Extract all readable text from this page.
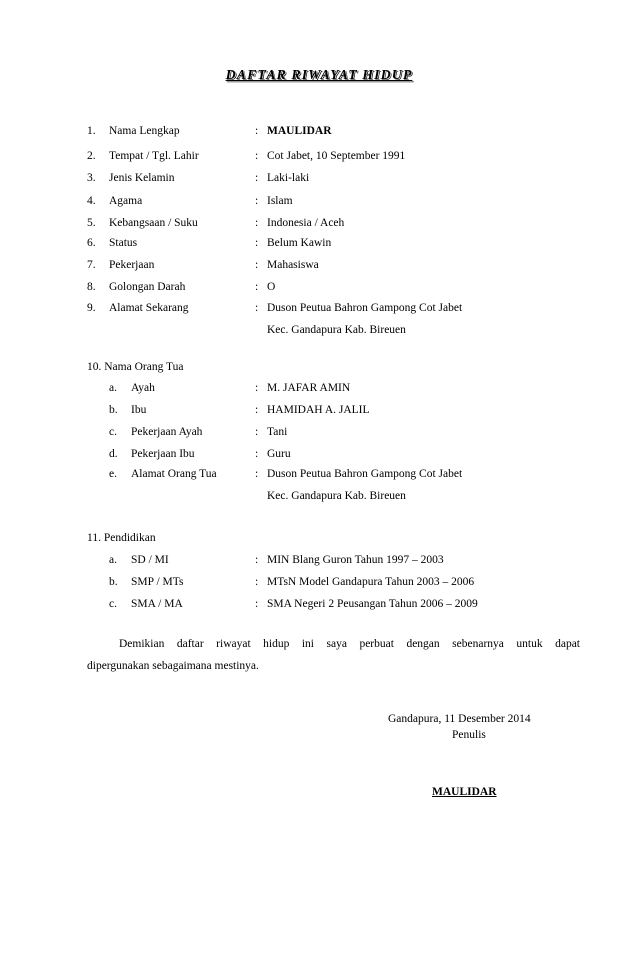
DAFTAR RIWAYAT HIDUP
1. Nama Lengkap	: MAULIDAR
2. Tempat / Tgl. Lahir	: Cot Jabet, 10 September 1991
3. Jenis Kelamin	: Laki-laki
4. Agama	: Islam
5. Kebangsaan / Suku	: Indonesia / Aceh
6. Status	: Belum Kawin
7. Pekerjaan	: Mahasiswa
8. Golongan Darah	: O
9. Alamat Sekarang	: Duson Peutua Bahron Gampong Cot Jabet
Kec. Gandapura Kab. Bireuen
10. Nama Orang Tua
a. Ayah	: M. JAFAR AMIN
b. Ibu	: HAMIDAH A. JALIL
c. Pekerjaan Ayah	: Tani
d. Pekerjaan Ibu	: Guru
e. Alamat Orang Tua	: Duson Peutua Bahron Gampong Cot Jabet
Kec. Gandapura Kab. Bireuen
11. Pendidikan
a. SD / MI	: MIN Blang Guron Tahun 1997 – 2003
b. SMP / MTs	: MTsN Model Gandapura Tahun 2003 – 2006
c. SMA / MA	: SMA Negeri 2 Peusangan Tahun 2006 – 2009
Demikian daftar riwayat hidup ini saya perbuat dengan sebenarnya untuk dapat
dipergunakan sebagaimana mestinya.
Gandapura, 11 Desember 2014
Penulis
MAULIDAR
